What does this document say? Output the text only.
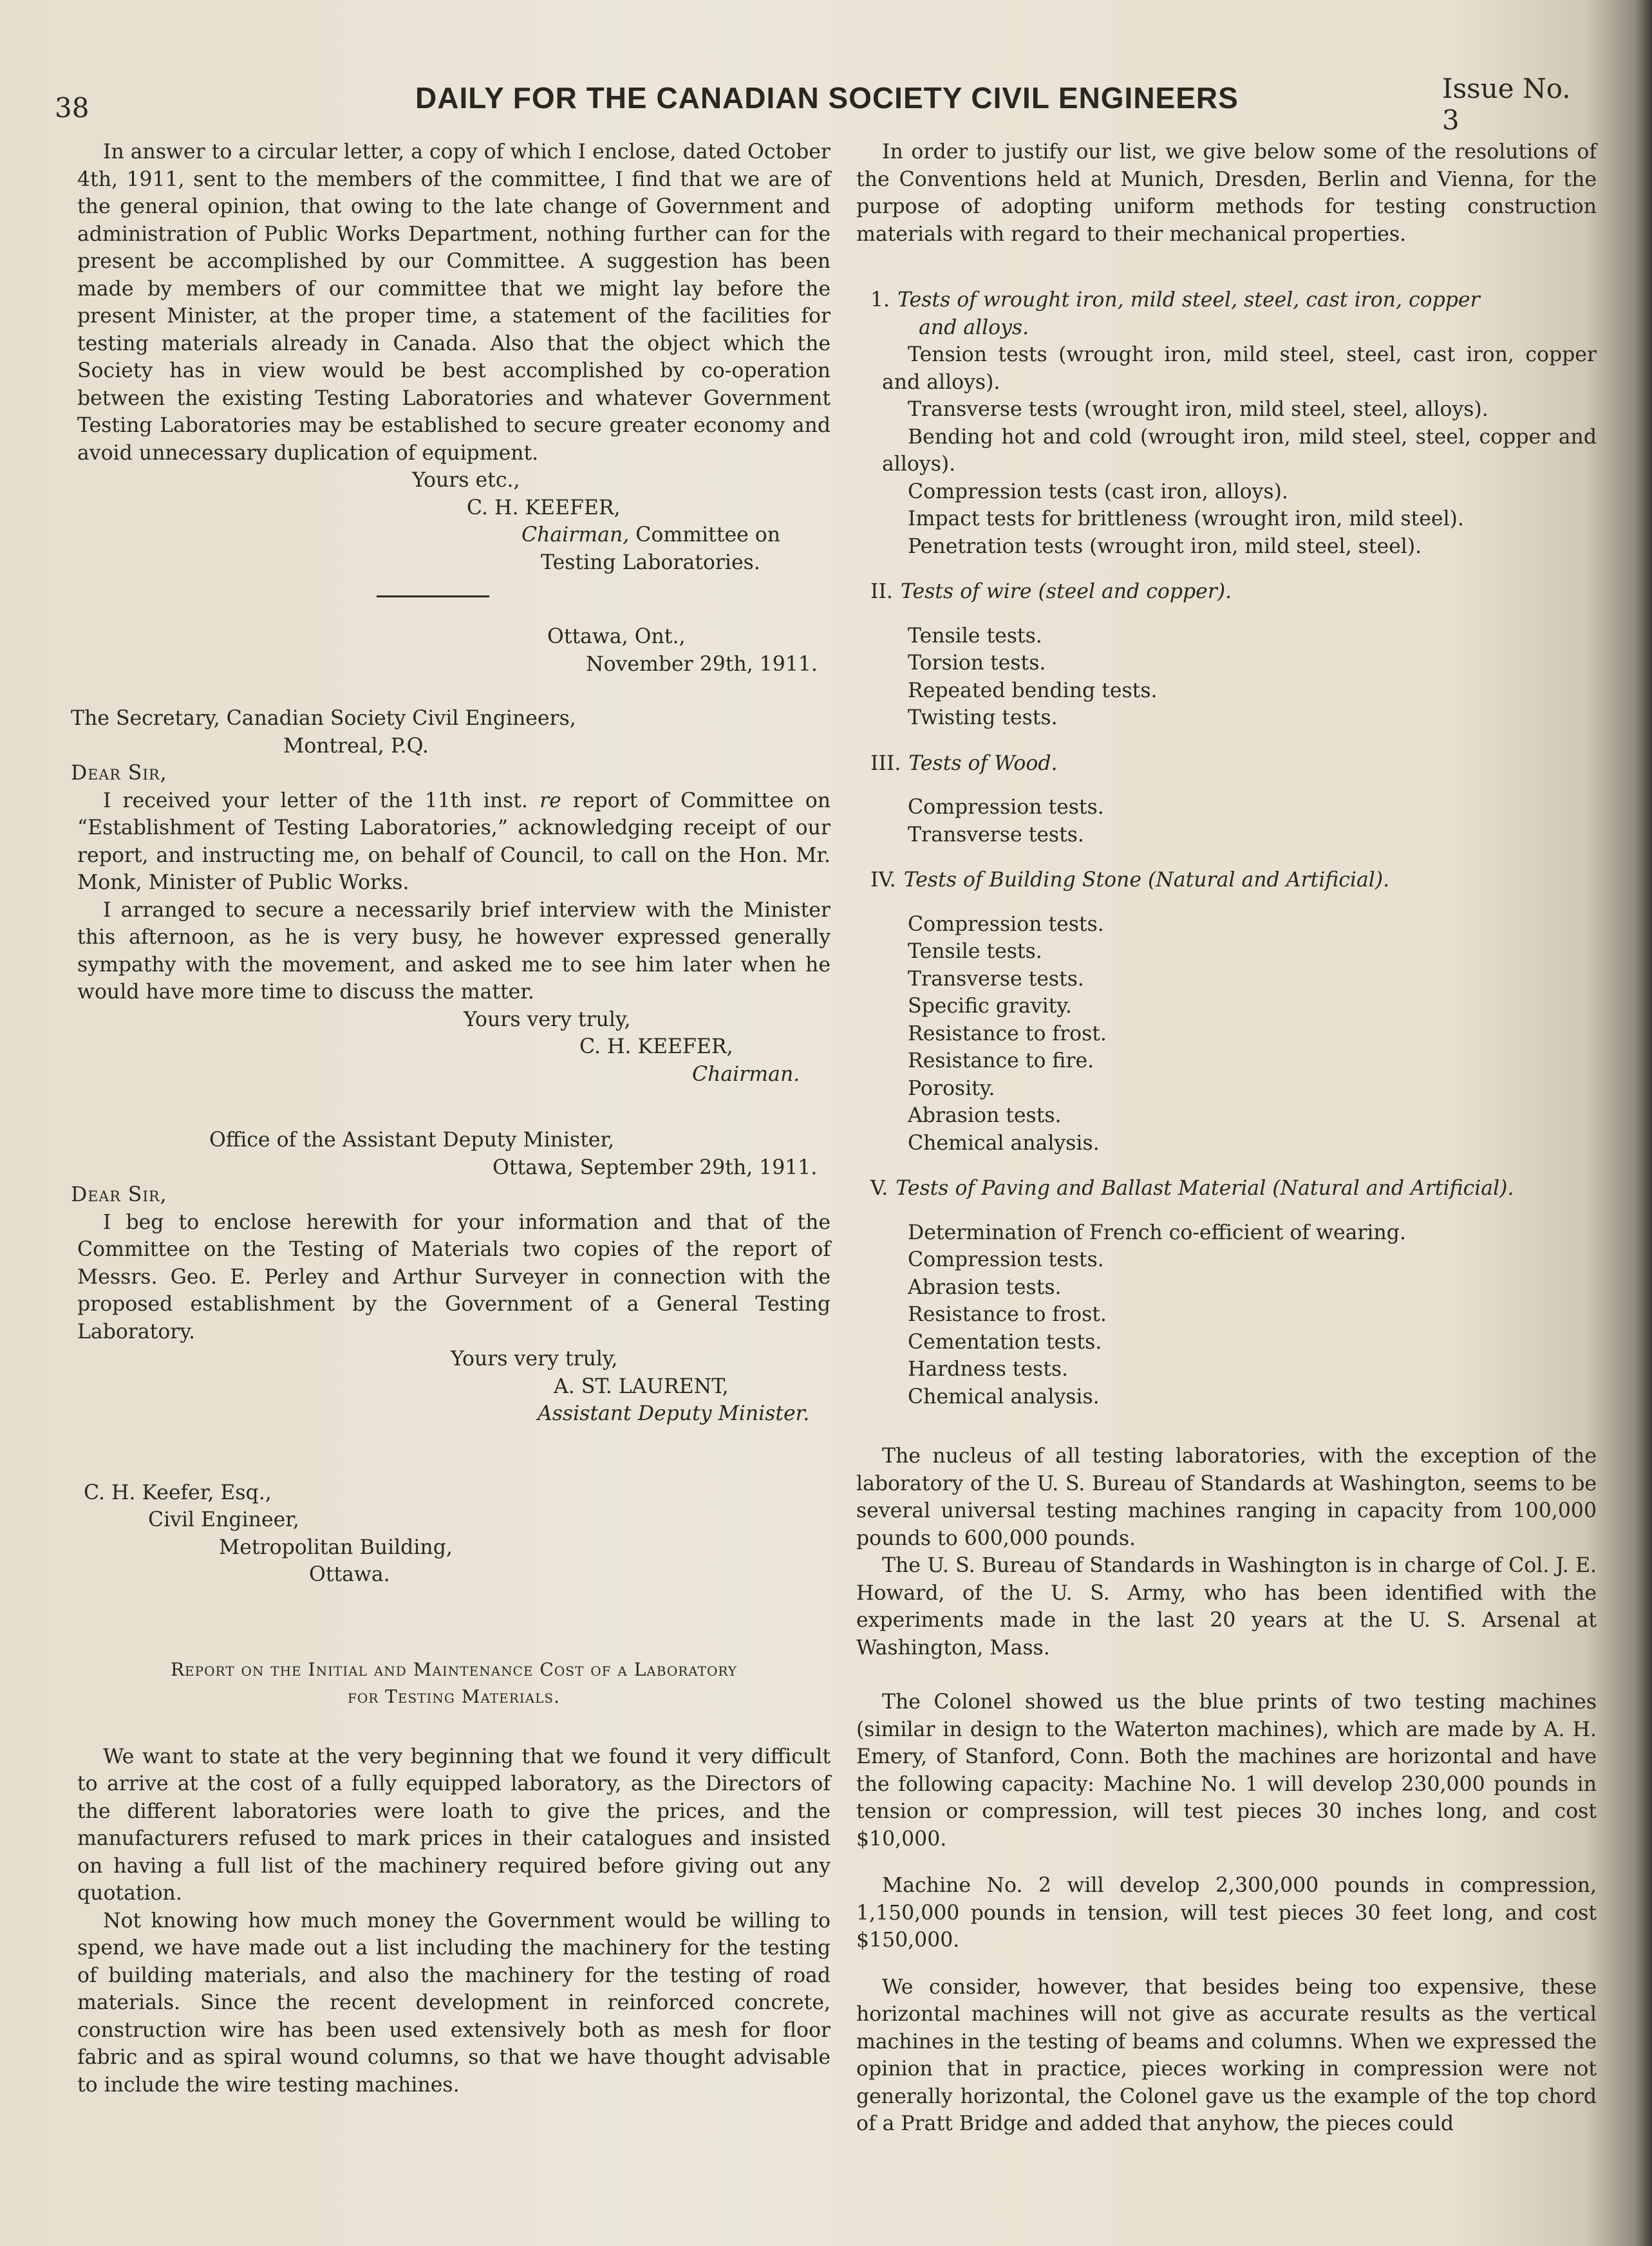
38	DAILY FOR THE CANADIAN SOCIETY CIVIL ENGINEERS	Issue No. 3

In answer to a circular letter, a copy of which I enclose, dated October 4th, 1911, sent to the members of the committee, I find that we are of the general opinion, that owing to the late change of Government and administration of Public Works Department, nothing further can for the present be accomplished by our Committee. A suggestion has been made by members of our committee that we might lay before the present Minister, at the proper time, a statement of the facilities for testing materials already in Canada. Also that the object which the Society has in view would be best accomplished by co-operation between the existing Testing Laboratories and whatever Government Testing Laboratories may be established to secure greater economy and avoid unnecessary duplication of equipment.

Yours etc.,
C. H. KEEFER,
Chairman, Committee on
Testing Laboratories.
Ottawa, Ont.,
November 29th, 1911.
The Secretary, Canadian Society Civil Engineers,
Montreal, P.Q.
Dear Sir,

I received your letter of the 11th inst. re report of Committee on “Establishment of Testing Laboratories,” acknowledging receipt of our report, and instructing me, on behalf of Council, to call on the Hon. Mr. Monk, Minister of Public Works.

I arranged to secure a necessarily brief interview with the Minister this afternoon, as he is very busy, he however expressed generally sympathy with the movement, and asked me to see him later when he would have more time to discuss the matter.

Yours very truly,
C. H. KEEFER,
Chairman.
Office of the Assistant Deputy Minister,
Ottawa, September 29th, 1911.
Dear Sir,

I beg to enclose herewith for your information and that of the Committee on the Testing of Materials two copies of the report of Messrs. Geo. E. Perley and Arthur Surveyer in connection with the proposed establishment by the Government of a General Testing Laboratory.

Yours very truly,
A. ST. LAURENT,
Assistant Deputy Minister.
C. H. Keefer, Esq.,
Civil Engineer,
Metropolitan Building,
Ottawa.
Report on the Initial and Maintenance Cost of a Laboratory
for Testing Materials.

We want to state at the very beginning that we found it very difficult to arrive at the cost of a fully equipped laboratory, as the Directors of the different laboratories were loath to give the prices, and the manufacturers refused to mark prices in their catalogues and insisted on having a full list of the machinery required before giving out any quotation.

Not knowing how much money the Government would be willing to spend, we have made out a list including the machinery for the testing of building materials, and also the machinery for the testing of road materials. Since the recent development in reinforced concrete, construction wire has been used extensively both as mesh for floor fabric and as spiral wound columns, so that we have thought advisable to include the wire testing machines.

In order to justify our list, we give below some of the resolutions of the Conventions held at Munich, Dresden, Berlin and Vienna, for the purpose of adopting uniform methods for testing construction materials with regard to their mechanical properties.

1. Tests of wrought iron, mild steel, steel, cast iron, copper
and alloys.

Tension tests (wrought iron, mild steel, steel, cast iron, copper and alloys).

Transverse tests (wrought iron, mild steel, steel, alloys).

Bending hot and cold (wrought iron, mild steel, steel, copper and alloys).

Compression tests (cast iron, alloys).

Impact tests for brittleness (wrought iron, mild steel).

Penetration tests (wrought iron, mild steel, steel).

II. Tests of wire (steel and copper).

Tensile tests.

Torsion tests.

Repeated bending tests.

Twisting tests.

III. Tests of Wood.

Compression tests.

Transverse tests.

IV. Tests of Building Stone (Natural and Artificial).

Compression tests.

Tensile tests.

Transverse tests.

Specific gravity.

Resistance to frost.

Resistance to fire.

Porosity.

Abrasion tests.

Chemical analysis.

V. Tests of Paving and Ballast Material (Natural and Artificial).

Determination of French co-efficient of wearing.

Compression tests.

Abrasion tests.

Resistance to frost.

Cementation tests.

Hardness tests.

Chemical analysis.

The nucleus of all testing laboratories, with the exception of the laboratory of the U. S. Bureau of Standards at Washington, seems to be several universal testing machines ranging in capacity from 100,000 pounds to 600,000 pounds.

The U. S. Bureau of Standards in Washington is in charge of Col. J. E. Howard, of the U. S. Army, who has been identified with the experiments made in the last 20 years at the U. S. Arsenal at Washington, Mass.

The Colonel showed us the blue prints of two testing machines (similar in design to the Waterton machines), which are made by A. H. Emery, of Stanford, Conn. Both the machines are horizontal and have the following capacity: Machine No. 1 will develop 230,000 pounds in tension or compression, will test pieces 30 inches long, and cost $10,000.

Machine No. 2 will develop 2,300,000 pounds in compression, 1,150,000 pounds in tension, will test pieces 30 feet long, and cost $150,000.

We consider, however, that besides being too expensive, these horizontal machines will not give as accurate results as the vertical machines in the testing of beams and columns. When we expressed the opinion that in practice, pieces working in compression were not generally horizontal, the Colonel gave us the example of the top chord of a Pratt Bridge and added that anyhow, the pieces could
